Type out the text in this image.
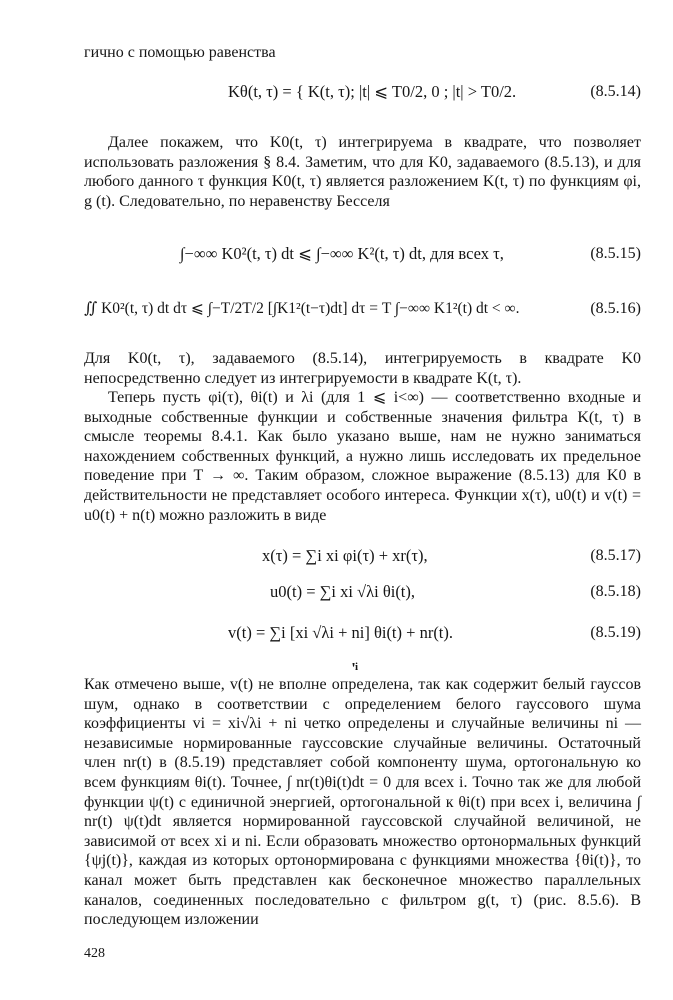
гично с помощью равенства

Kθ(t, τ) = { K(t, τ); |t| ⩽ T0/2, 0 ; |t| > T0/2.	(8.5.14)

Далее покажем, что K0(t, τ) интегрируема в квадрате, что позволяет использовать разложения § 8.4. Заметим, что для K0, задаваемого (8.5.13), и для любого данного τ функция K0(t, τ) является разложением K(t, τ) по функциям φi, g (t). Следовательно, по неравенству Бесселя

∫−∞∞ K0²(t, τ) dt ⩽ ∫−∞∞ K²(t, τ) dt, для всех τ,	(8.5.15)
∬ K0²(t, τ) dt dτ ⩽ ∫−T/2T/2 [∫K1²(t−τ)dt] dτ = T ∫−∞∞ K1²(t) dt < ∞.	(8.5.16)

Для K0(t, τ), задаваемого (8.5.14), интегрируемость в квадрате K0 непосредственно следует из интегрируемости в квадрате K(t, τ).

Теперь пусть φi(τ), θi(t) и λi (для 1 ⩽ i<∞) — соответственно входные и выходные собственные функции и собственные значения фильтра K(t, τ) в смысле теоремы 8.4.1. Как было указано выше, нам не нужно заниматься нахождением собственных функций, а нужно лишь исследовать их предельное поведение при T → ∞. Таким образом, сложное выражение (8.5.13) для K0 в действительности не представляет особого интереса. Функции x(τ), u0(t) и v(t) = u0(t) + n(t) можно разложить в виде

x(τ) = ∑i xi φi(τ) + xr(τ),	(8.5.17)
u0(t) = ∑i xi √λi θi(t),	(8.5.18)
v(t) = ∑i [xi √λi + ni] θi(t) + nr(t).	(8.5.19)
ꞌi

Как отмечено выше, v(t) не вполне определена, так как содержит белый гауссов шум, однако в соответствии с определением белого гауссового шума коэффициенты vi = xi√λi + ni четко определены и случайные величины ni — независимые нормированные гауссовские случайные величины. Остаточный член nr(t) в (8.5.19) представляет собой компоненту шума, ортогональную ко всем функциям θi(t). Точнее, ∫ nr(t)θi(t)dt = 0 для всех i. Точно так же для любой функции ψ(t) с единичной энергией, ортогональной к θi(t) при всех i, величина ∫ nr(t) ψ(t)dt является нормированной гауссовской случайной величиной, не зависимой от всех xi и ni. Если образовать множество ортонормальных функций {ψj(t)}, каждая из которых ортонормирована с функциями множества {θi(t)}, то канал может быть представлен как бесконечное множество параллельных каналов, соединенных последовательно с фильтром g(t, τ) (рис. 8.5.6). В последующем изложении

428
